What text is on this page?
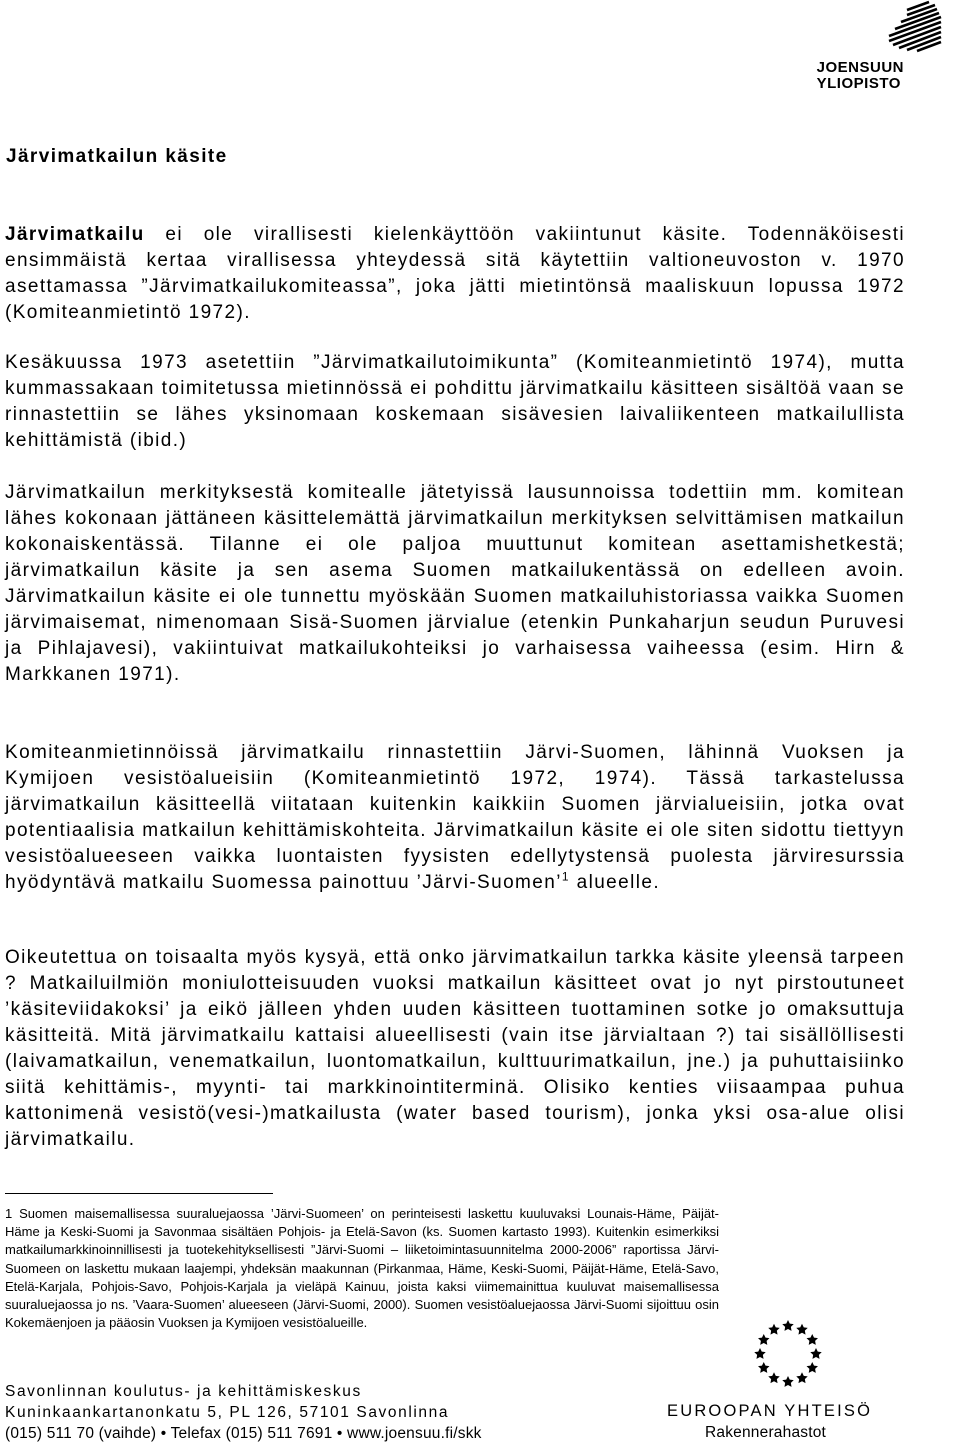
JOENSUUN
YLIOPISTO
Järvimatkailun käsite

Järvimatkailu ei ole virallisesti kielenkäyttöön vakiintunut käsite. Todennäköisesti ensimmäistä kertaa virallisessa yhteydessä sitä käytettiin valtioneuvoston v. 1970 asettamassa ”Järvimatkailukomiteassa”, joka jätti mietintönsä maaliskuun lopussa 1972 (Komiteanmietintö 1972).

Kesäkuussa 1973 asetettiin ”Järvimatkailutoimikunta” (Komiteanmietintö 1974), mutta kummassakaan toimitetussa mietinnössä ei pohdittu järvimatkailu käsitteen sisältöä vaan se rinnastettiin se lähes yksinomaan koskemaan sisävesien laivaliikenteen matkailullista kehittämistä (ibid.)

Järvimatkailun merkityksestä komitealle jätetyissä lausunnoissa todettiin mm. komitean lähes kokonaan jättäneen käsittelemättä järvimatkailun merkityksen selvittämisen matkailun kokonaiskentässä. Tilanne ei ole paljoa muuttunut komitean asettamishetkestä; järvimatkailun käsite ja sen asema Suomen matkailukentässä on edelleen avoin. Järvimatkailun käsite ei ole tunnettu myöskään Suomen matkailuhistoriassa vaikka Suomen järvimaisemat, nimenomaan Sisä-Suomen järvialue (etenkin Punkaharjun seudun Puruvesi ja Pihlajavesi), vakiintuivat matkailukohteiksi jo varhaisessa vaiheessa (esim. Hirn & Markkanen 1971).

Komiteanmietinnöissä järvimatkailu rinnastettiin Järvi-Suomen, lähinnä Vuoksen ja Kymijoen vesistöalueisiin (Komiteanmietintö 1972, 1974). Tässä tarkastelussa järvimatkailun käsitteellä viitataan kuitenkin kaikkiin Suomen järvialueisiin, jotka ovat potentiaalisia matkailun kehittämiskohteita. Järvimatkailun käsite ei ole siten sidottu tiettyyn vesistöalueeseen vaikka luontaisten fyysisten edellytystensä puolesta järviresurssia hyödyntävä matkailu Suomessa painottuu ’Järvi-Suomen’$^1$ alueelle.

Oikeutettua on toisaalta myös kysyä, että onko järvimatkailun tarkka käsite yleensä tarpeen ? Matkailuilmiön moniulotteisuuden vuoksi matkailun käsitteet ovat jo nyt pirstoutuneet ’käsiteviidakoksi’ ja eikö jälleen yhden uuden käsitteen tuottaminen sotke jo omaksuttuja käsitteitä. Mitä järvimatkailu kattaisi alueellisesti (vain itse järvialtaan ?) tai sisällöllisesti (laivamatkailun, venematkailun, luontomatkailun, kulttuurimatkailun, jne.) ja puhuttaisiinko siitä kehittämis-, myynti- tai markkinointiterminä. Olisiko kenties viisaampaa puhua kattonimenä vesistö(vesi-)matkailusta (water based tourism), jonka yksi osa-alue olisi järvimatkailu.

1 Suomen maisemallisessa suuraluejaossa ’Järvi-Suomeen’ on perinteisesti laskettu kuuluvaksi Lounais-Häme, Päijät-Häme ja Keski-Suomi ja Savonmaa sisältäen Pohjois- ja Etelä-Savon (ks. Suomen kartasto 1993). Kuitenkin esimerkiksi matkailumarkkinoinnillisesti ja tuotekehityksellisesti ”Järvi-Suomi – liiketoimintasuunnitelma 2000-2006” raportissa Järvi-Suomeen on laskettu mukaan laajempi, yhdeksän maakunnan (Pirkanmaa, Häme, Keski-Suomi, Päijät-Häme, Etelä-Savo, Etelä-Karjala, Pohjois-Savo, Pohjois-Karjala ja vieläpä Kainuu, joista kaksi viimemainittua kuuluvat maisemallisessa suuraluejaossa jo ns. ’Vaara-Suomen’ alueeseen (Järvi-Suomi, 2000). Suomen vesistöaluejaossa Järvi-Suomi sijoittuu osin Kokemäenjoen ja pääosin Vuoksen ja Kymijoen vesistöalueille.

Savonlinnan koulutus- ja kehittämiskeskus
Kuninkaankartanonkatu 5, PL 126, 57101 Savonlinna
(015) 511 70 (vaihde) • Telefax (015) 511 7691 • www.joensuu.fi/skk
EUROOPAN YHTEISÖ
Rakennerahastot
